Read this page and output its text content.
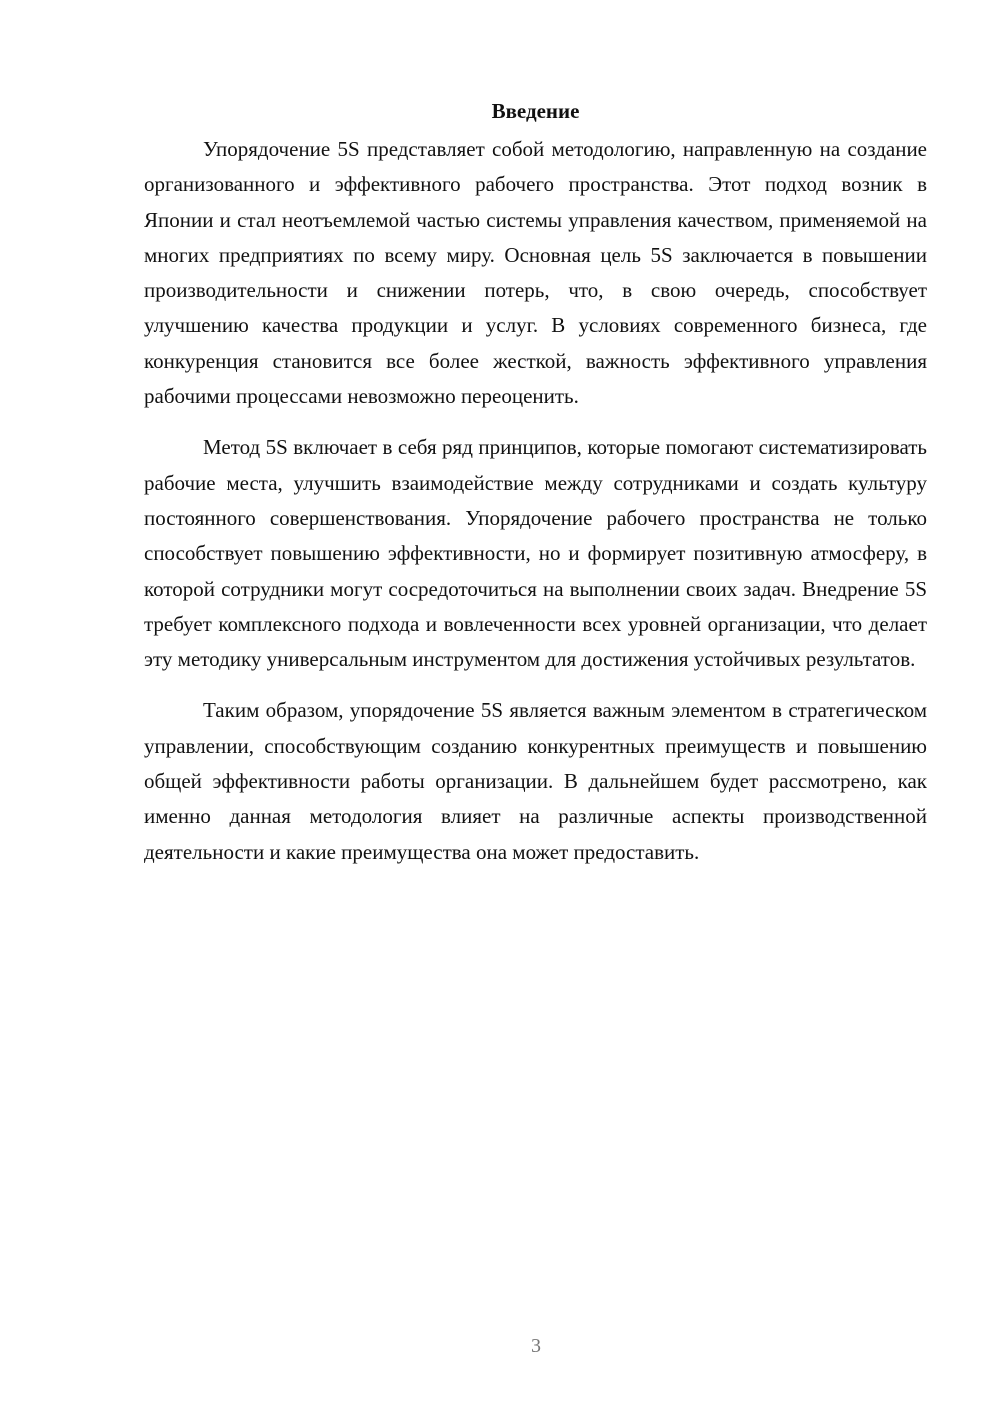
Введение

Упорядочение 5S представляет собой методологию, направленную на создание организованного и эффективного рабочего пространства. Этот подход возник в Японии и стал неотъемлемой частью системы управления качеством, применяемой на многих предприятиях по всему миру. Основная цель 5S заключается в повышении производительности и снижении потерь, что, в свою очередь, способствует улучшению качества продукции и услуг. В условиях современного бизнеса, где конкуренция становится все более жесткой, важность эффективного управления рабочими процессами невозможно переоценить.

Метод 5S включает в себя ряд принципов, которые помогают систематизировать рабочие места, улучшить взаимодействие между сотрудниками и создать культуру постоянного совершенствования. Упорядочение рабочего пространства не только способствует повышению эффективности, но и формирует позитивную атмосферу, в которой сотрудники могут сосредоточиться на выполнении своих задач. Внедрение 5S требует комплексного подхода и вовлеченности всех уровней организации, что делает эту методику универсальным инструментом для достижения устойчивых результатов.

Таким образом, упорядочение 5S является важным элементом в стратегическом управлении, способствующим созданию конкурентных преимуществ и повышению общей эффективности работы организации. В дальнейшем будет рассмотрено, как именно данная методология влияет на различные аспекты производственной деятельности и какие преимущества она может предоставить.

3
